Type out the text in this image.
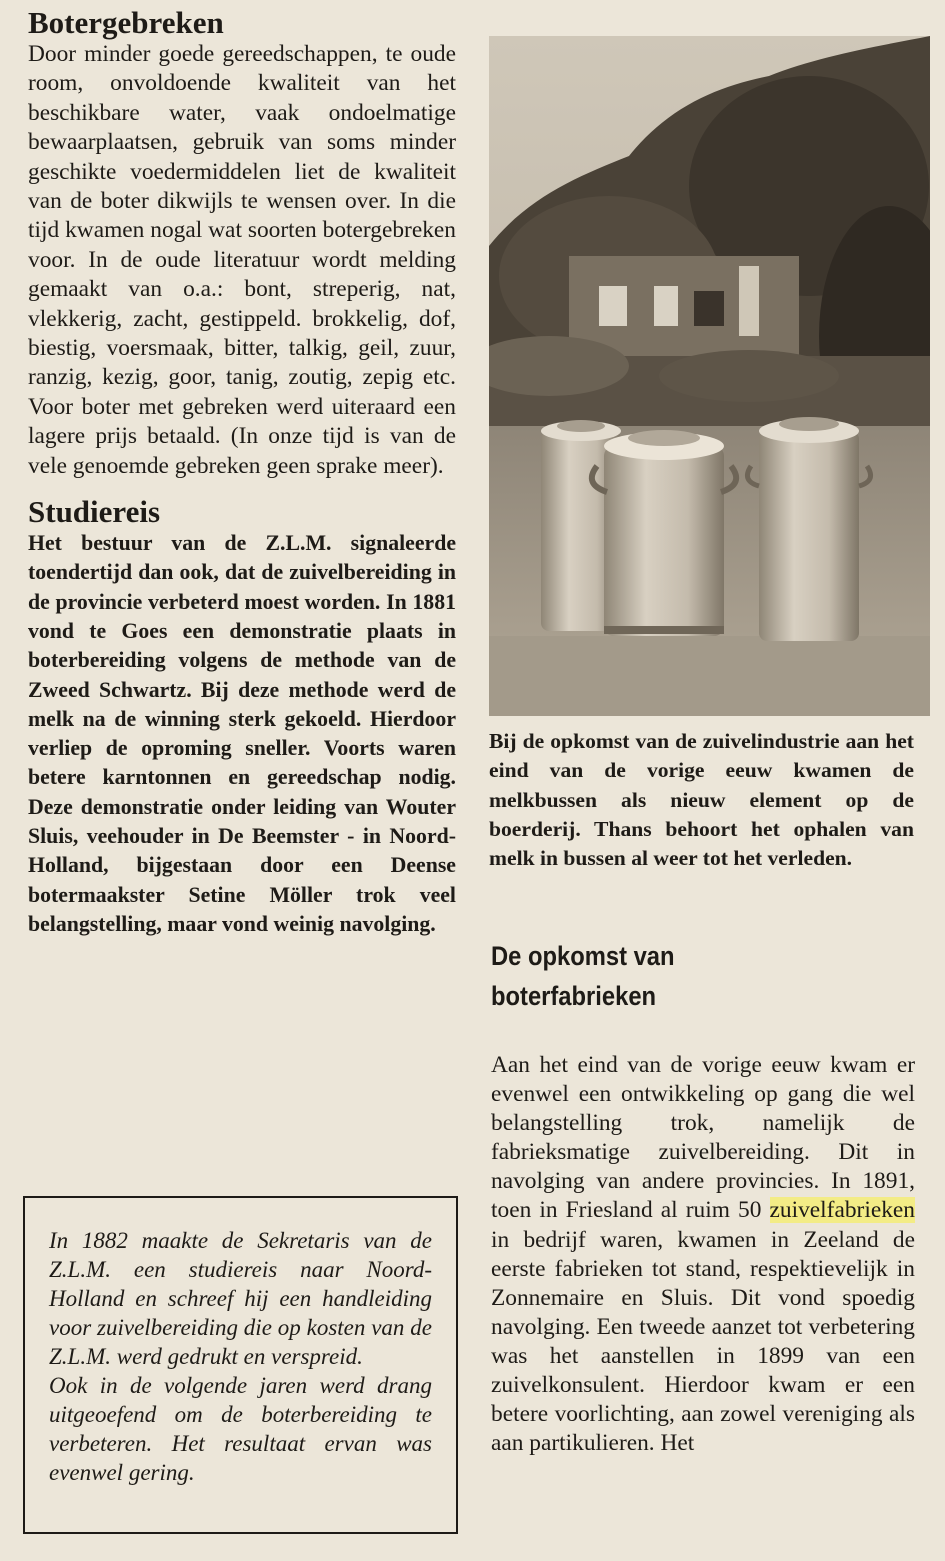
Botergebreken

Door minder goede gereedschappen, te oude room, onvoldoende kwaliteit van het beschikbare water, vaak ondoelmatige bewaarplaatsen, gebruik van soms minder geschikte voedermiddelen liet de kwaliteit van de boter dikwijls te wensen over. In die tijd kwamen nogal wat soorten botergebreken voor. In de oude literatuur wordt melding gemaakt van o.a.: bont, streperig, nat, vlekkerig, zacht, gestippeld. brokkelig, dof, biestig, voersmaak, bitter, talkig, geil, zuur, ranzig, kezig, goor, tanig, zoutig, zepig etc. Voor boter met gebreken werd uiteraard een lagere prijs betaald. (In onze tijd is van de vele genoemde gebreken geen sprake meer).

Studiereis

Het bestuur van de Z.L.M. signaleerde toendertijd dan ook, dat de zuivelbereiding in de provincie verbeterd moest worden. In 1881 vond te Goes een demonstratie plaats in boterbereiding volgens de methode van de Zweed Schwartz. Bij deze methode werd de melk na de winning sterk gekoeld. Hierdoor verliep de oproming sneller. Voorts waren betere karntonnen en gereedschap nodig. Deze demonstratie onder leiding van Wouter Sluis, veehouder in De Beemster - in Noord-Holland, bijgestaan door een Deense botermaakster Setine Möller trok veel belangstelling, maar vond weinig navolging.

In 1882 maakte de Sekretaris van de Z.L.M. een studiereis naar Noord-Holland en schreef hij een handleiding voor zuivelbereiding die op kosten van de Z.L.M. werd gedrukt en verspreid.

Ook in de volgende jaren werd drang uitgeoefend om de boterbereiding te verbeteren. Het resultaat ervan was evenwel gering.

Bij de opkomst van de zuivelindustrie aan het eind van de vorige eeuw kwamen de melkbussen als nieuw element op de boerderij. Thans behoort het ophalen van melk in bussen al weer tot het verleden.

De opkomst van
boterfabrieken

Aan het eind van de vorige eeuw kwam er evenwel een ontwikkeling op gang die wel belangstelling trok, namelijk de fabrieksmatige zuivelbereiding. Dit in navolging van andere provincies. In 1891, toen in Friesland al ruim 50 zuivelfabrieken in bedrijf waren, kwamen in Zeeland de eerste fabrieken tot stand, respektievelijk in Zonnemaire en Sluis. Dit vond spoedig navolging. Een tweede aanzet tot verbetering was het aanstellen in 1899 van een zuivelkonsulent. Hierdoor kwam er een betere voorlichting, aan zowel vereniging als aan partikulieren. Het
